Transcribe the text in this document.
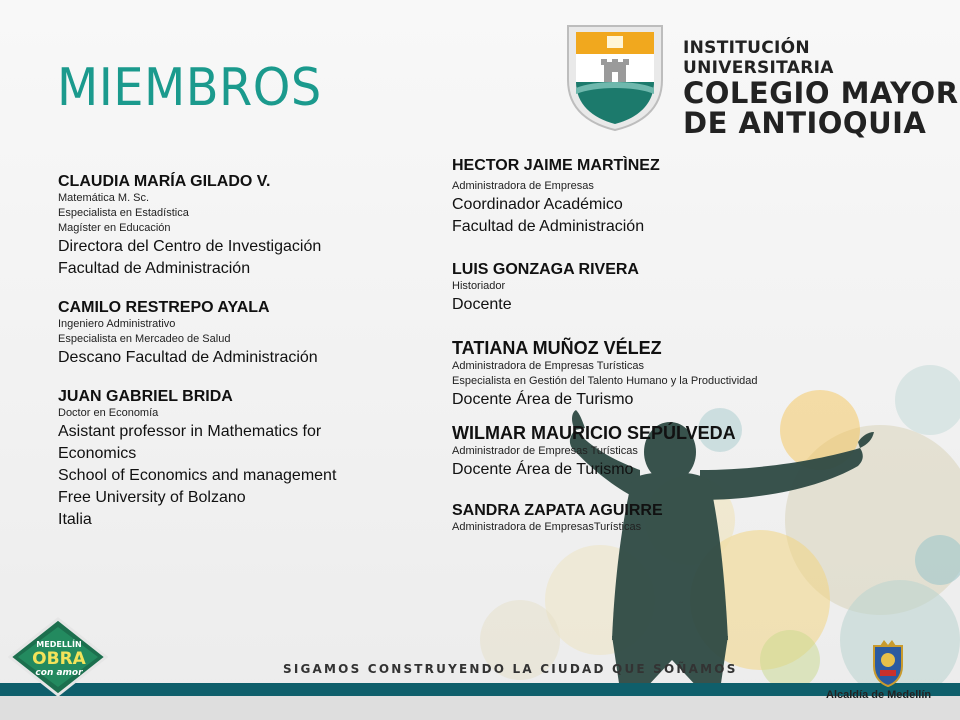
MIEMBROS
INSTITUCIÓN UNIVERSITARIA
COLEGIO MAYOR
DE ANTIOQUIA
CLAUDIA MARÍA GILADO V.
Matemática M. Sc.
Especialista en Estadística
Magíster en Educación
Directora del Centro de Investigación
Facultad de Administración
CAMILO RESTREPO AYALA
Ingeniero Administrativo
Especialista en Mercadeo de Salud
Descano Facultad de Administración
JUAN GABRIEL BRIDA
Doctor en Economía
Asistant professor in Mathematics for
Economics
School of Economics and management
Free University of Bolzano
Italia
HECTOR JAIME MARTÌNEZ
Administradora de Empresas
Coordinador Académico
Facultad de Administración
LUIS GONZAGA RIVERA
Historiador
Docente
TATIANA MUÑOZ VÉLEZ
Administradora de Empresas Turísticas
Especialista en Gestión del Talento Humano y la Productividad
Docente Área de Turismo
WILMAR MAURICIO SEPÚLVEDA
Administrador de Empresas Turísticas
Docente Área de Turismo
SANDRA ZAPATA AGUIRRE
Administradora de EmpresasTurísticas
SIGAMOS CONSTRUYENDO LA CIUDAD QUE SOÑAMOS
MEDELLÍN
OBRA
con amor
Alcaldía de Medellín
